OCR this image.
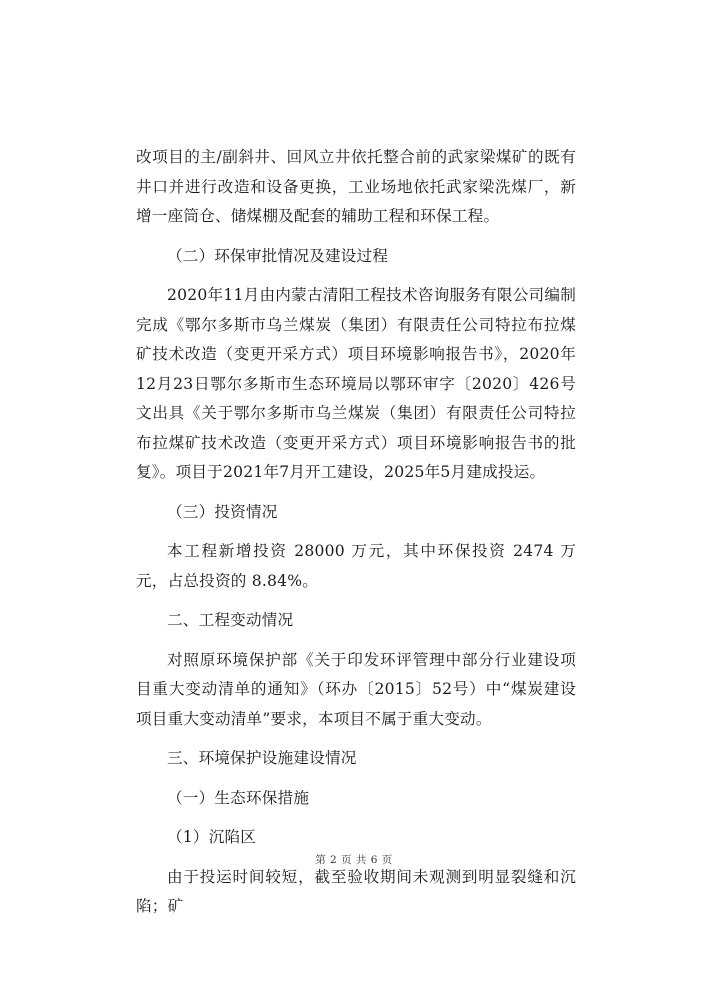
改项目的主/副斜井、回风立井依托整合前的武家梁煤矿的既有井口并进行改造和设备更换，工业场地依托武家梁洗煤厂，新增一座筒仓、储煤棚及配套的辅助工程和环保工程。

（二）环保审批情况及建设过程

2020年11月由内蒙古清阳工程技术咨询服务有限公司编制完成《鄂尔多斯市乌兰煤炭（集团）有限责任公司特拉布拉煤矿技术改造（变更开采方式）项目环境影响报告书》，2020年12月23日鄂尔多斯市生态环境局以鄂环审字〔2020〕426号文出具《关于鄂尔多斯市乌兰煤炭（集团）有限责任公司特拉布拉煤矿技术改造（变更开采方式）项目环境影响报告书的批复》。项目于2021年7月开工建设，2025年5月建成投运。

（三）投资情况

本工程新增投资 28000 万元，其中环保投资 2474 万元，占总投资的 8.84%。

二、工程变动情况

对照原环境保护部《关于印发环评管理中部分行业建设项目重大变动清单的通知》（环办〔2015〕52号）中“煤炭建设项目重大变动清单”要求，本项目不属于重大变动。

三、环境保护设施建设情况

（一）生态环保措施

（1）沉陷区

由于投运时间较短，截至验收期间未观测到明显裂缝和沉陷；矿

第 2 页 共 6 页
